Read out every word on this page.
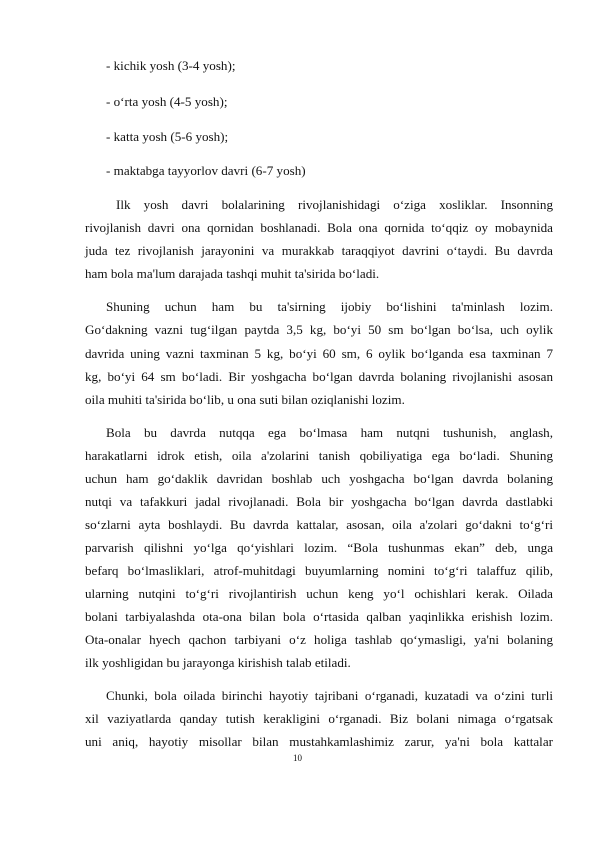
- kichik yosh (3-4 yosh);
- o‘rta yosh (4-5 yosh);
- katta yosh (5-6 yosh);
- maktabga tayyorlov davri (6-7 yosh)
Ilk yosh davri bolalarining rivojlanishidagi o‘ziga xosliklar. Insonning
rivojlanish davri ona qornidan boshlanadi. Bola ona qornida to‘qqiz oy mobaynida
juda tez rivojlanish jarayonini va murakkab taraqqiyot davrini o‘taydi. Bu davrda
ham bola ma'lum darajada tashqi muhit ta'sirida bo‘ladi.
Shuning uchun ham bu ta'sirning ijobiy bo‘lishini ta'minlash lozim.
Go‘dakning vazni tug‘ilgan paytda 3,5 kg, bo‘yi 50 sm bo‘lgan bo‘lsa, uch oylik
davrida uning vazni taxminan 5 kg, bo‘yi 60 sm, 6 oylik bo‘lganda esa taxminan 7
kg, bo‘yi 64 sm bo‘ladi. Bir yoshgacha bo‘lgan davrda bolaning rivojlanishi asosan
oila muhiti ta'sirida bo‘lib, u ona suti bilan oziqlanishi lozim.
Bola bu davrda nutqqa ega bo‘lmasa ham nutqni tushunish, anglash,
harakatlarni idrok etish, oila a'zolarini tanish qobiliyatiga ega bo‘ladi. Shuning
uchun ham go‘daklik davridan boshlab uch yoshgacha bo‘lgan davrda bolaning
nutqi va tafakkuri jadal rivojlanadi. Bola bir yoshgacha bo‘lgan davrda dastlabki
so‘zlarni ayta boshlaydi. Bu davrda kattalar, asosan, oila a'zolari go‘dakni to‘g‘ri
parvarish qilishni yo‘lga qo‘yishlari lozim. “Bola tushunmas ekan” deb, unga
befarq bo‘lmasliklari, atrof-muhitdagi buyumlarning nomini to‘g‘ri talaffuz qilib,
ularning nutqini to‘g‘ri rivojlantirish uchun keng yo‘l ochishlari kerak. Oilada
bolani tarbiyalashda ota-ona bilan bola o‘rtasida qalban yaqinlikka erishish lozim.
Ota-onalar hyech qachon tarbiyani o‘z holiga tashlab qo‘ymasligi, ya'ni bolaning
ilk yoshligidan bu jarayonga kirishish talab etiladi.
Chunki, bola oilada birinchi hayotiy tajribani o‘rganadi, kuzatadi va o‘zini turli
xil vaziyatlarda qanday tutish kerakligini o‘rganadi. Biz bolani nimaga o‘rgatsak
uni aniq, hayotiy misollar bilan mustahkamlashimiz zarur, ya'ni bola kattalar
10
